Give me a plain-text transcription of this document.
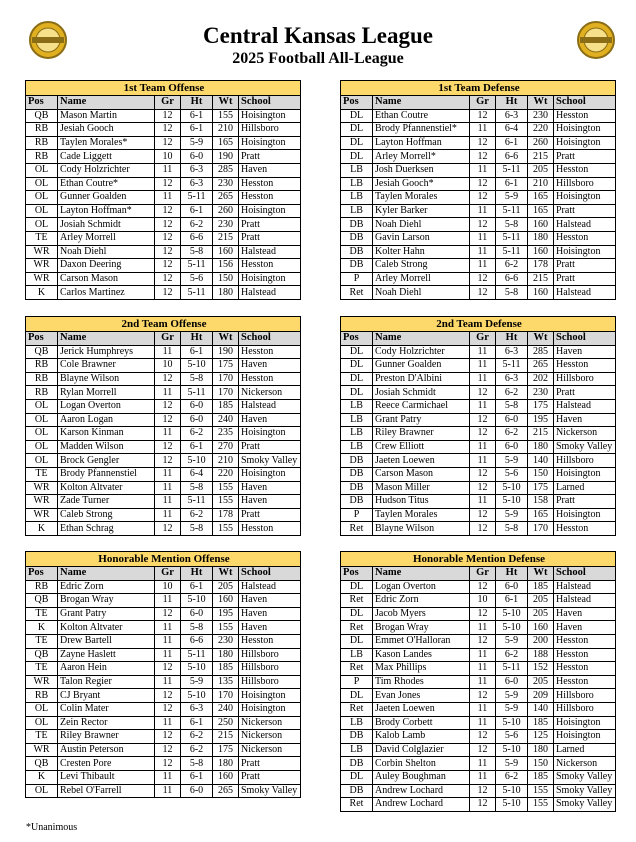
Central Kansas League
2025 Football All-League
1st Team Offense					
Pos	Name	Gr	Ht	Wt	School
QB	Mason Martin	12	6-1	155	Hoisington
RB	Jesiah Gooch	12	6-1	210	Hillsboro
RB	Taylen Morales*	12	5-9	165	Hoisington
RB	Cade Liggett	10	6-0	190	Pratt
OL	Cody Holzrichter	11	6-3	285	Haven
OL	Ethan Coutre*	12	6-3	230	Hesston
OL	Gunner Goalden	11	5-11	265	Hesston
OL	Layton Hoffman*	12	6-1	260	Hoisington
OL	Josiah Schmidt	12	6-2	230	Pratt
TE	Arley Morrell	12	6-6	215	Pratt
WR	Noah Diehl	12	5-8	160	Halstead
WR	Daxon Deering	12	5-11	156	Hesston
WR	Carson Mason	12	5-6	150	Hoisington
K	Carlos Martinez	12	5-11	180	Halstead
1st Team Defense					
Pos	Name	Gr	Ht	Wt	School
DL	Ethan Coutre	12	6-3	230	Hesston
DL	Brody Pfannenstiel*	11	6-4	220	Hoisington
DL	Layton Hoffman	12	6-1	260	Hoisington
DL	Arley Morrell*	12	6-6	215	Pratt
LB	Josh Duerksen	11	5-11	205	Hesston
LB	Jesiah Gooch*	12	6-1	210	Hillsboro
LB	Taylen Morales	12	5-9	165	Hoisington
LB	Kyler Barker	11	5-11	165	Pratt
DB	Noah Diehl	12	5-8	160	Halstead
DB	Gavin Larson	11	5-11	180	Hesston
DB	Kolter Hahn	11	5-11	160	Hoisington
DB	Caleb Strong	11	6-2	178	Pratt
P	Arley Morrell	12	6-6	215	Pratt
Ret	Noah Diehl	12	5-8	160	Halstead
2nd Team Offense					
Pos	Name	Gr	Ht	Wt	School
QB	Jerick Humphreys	11	6-1	190	Hesston
RB	Cole Brawner	10	5-10	175	Haven
RB	Blayne Wilson	12	5-8	170	Hesston
RB	Rylan Morrell	11	5-11	170	Nickerson
OL	Logan Overton	12	6-0	185	Halstead
OL	Aaron Logan	12	6-0	240	Haven
OL	Karson Kinman	11	6-2	235	Hoisington
OL	Madden Wilson	12	6-1	270	Pratt
OL	Brock Gengler	12	5-10	210	Smoky Valley
TE	Brody Pfannenstiel	11	6-4	220	Hoisington
WR	Kolton Altvater	11	5-8	155	Haven
WR	Zade Turner	11	5-11	155	Haven
WR	Caleb Strong	11	6-2	178	Pratt
K	Ethan Schrag	12	5-8	155	Hesston
2nd Team Defense					
Pos	Name	Gr	Ht	Wt	School
DL	Cody Holzrichter	11	6-3	285	Haven
DL	Gunner Goalden	11	5-11	265	Hesston
DL	Preston D'Albini	11	6-3	202	Hillsboro
DL	Josiah Schmidt	12	6-2	230	Pratt
LB	Reece Carmichael	11	5-8	175	Halstead
LB	Grant Patry	12	6-0	195	Haven
LB	Riley Brawner	12	6-2	215	Nickerson
LB	Crew Elliott	11	6-0	180	Smoky Valley
DB	Jaeten Loewen	11	5-9	140	Hillsboro
DB	Carson Mason	12	5-6	150	Hoisington
DB	Mason Miller	12	5-10	175	Larned
DB	Hudson Titus	11	5-10	158	Pratt
P	Taylen Morales	12	5-9	165	Hoisington
Ret	Blayne Wilson	12	5-8	170	Hesston
Honorable Mention Offense					
Pos	Name	Gr	Ht	Wt	School
RB	Edric Zorn	10	6-1	205	Halstead
QB	Brogan Wray	11	5-10	160	Haven
TE	Grant Patry	12	6-0	195	Haven
K	Kolton Altvater	11	5-8	155	Haven
TE	Drew Bartell	11	6-6	230	Hesston
QB	Zayne Haslett	11	5-11	180	Hillsboro
TE	Aaron Hein	12	5-10	185	Hillsboro
WR	Talon Regier	11	5-9	135	Hillsboro
RB	CJ Bryant	12	5-10	170	Hoisington
OL	Colin Mater	12	6-3	240	Hoisington
OL	Zein Rector	11	6-1	250	Nickerson
TE	Riley Brawner	12	6-2	215	Nickerson
WR	Austin Peterson	12	6-2	175	Nickerson
QB	Cresten Pore	12	5-8	180	Pratt
K	Levi Thibault	11	6-1	160	Pratt
OL	Rebel O'Farrell	11	6-0	265	Smoky Valley
Honorable Mention Defense					
Pos	Name	Gr	Ht	Wt	School
DL	Logan Overton	12	6-0	185	Halstead
Ret	Edric Zorn	10	6-1	205	Halstead
DL	Jacob Myers	12	5-10	205	Haven
Ret	Brogan Wray	11	5-10	160	Haven
DL	Emmet O'Halloran	12	5-9	200	Hesston
LB	Kason Landes	11	6-2	188	Hesston
Ret	Max Phillips	11	5-11	152	Hesston
P	Tim Rhodes	11	6-0	205	Hesston
DL	Evan Jones	12	5-9	209	Hillsboro
Ret	Jaeten Loewen	11	5-9	140	Hillsboro
LB	Brody Corbett	11	5-10	185	Hoisington
DB	Kalob Lamb	12	5-6	125	Hoisington
LB	David Colglazier	12	5-10	180	Larned
DB	Corbin Shelton	11	5-9	150	Nickerson
DL	Auley Boughman	11	6-2	185	Smoky Valley
DB	Andrew Lochard	12	5-10	155	Smoky Valley
Ret	Andrew Lochard	12	5-10	155	Smoky Valley
*Unanimous
